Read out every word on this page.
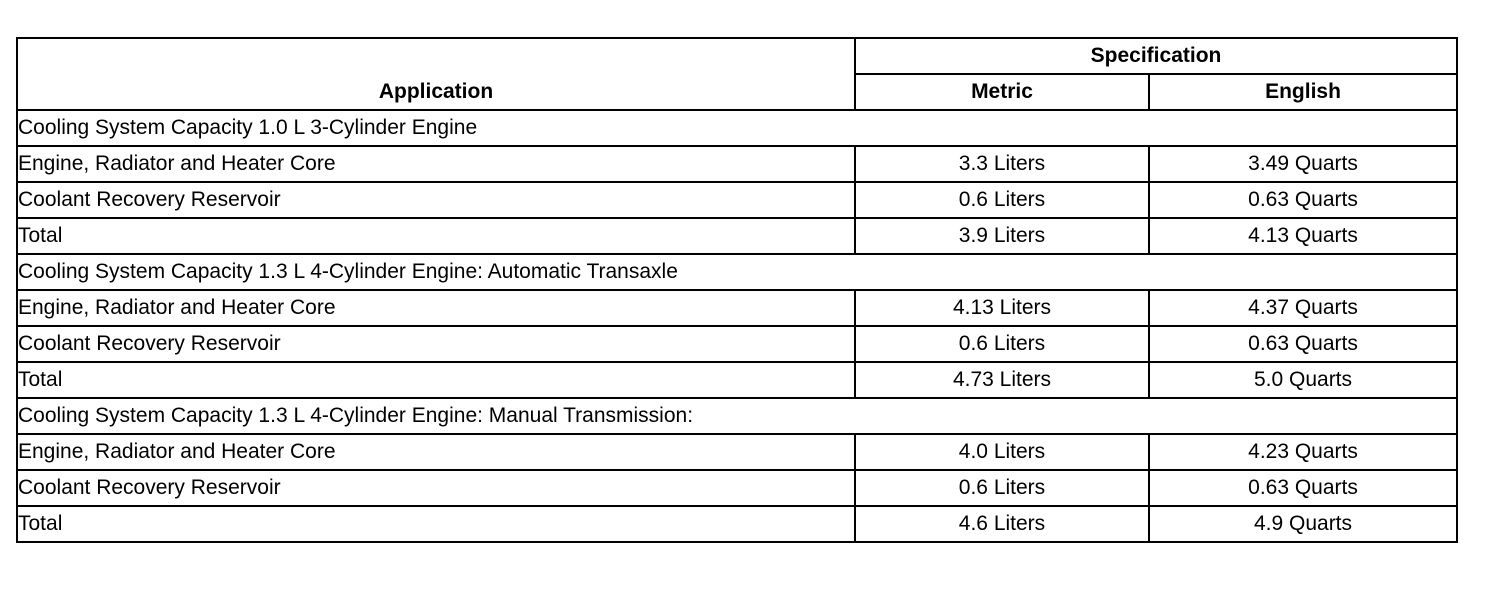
Application	Specification	
	Metric	English
Cooling System Capacity 1.0 L 3-Cylinder Engine		
Engine, Radiator and Heater Core	3.3 Liters	3.49 Quarts
Coolant Recovery Reservoir	0.6 Liters	0.63 Quarts
Total	3.9 Liters	4.13 Quarts
Cooling System Capacity 1.3 L 4-Cylinder Engine: Automatic Transaxle		
Engine, Radiator and Heater Core	4.13 Liters	4.37 Quarts
Coolant Recovery Reservoir	0.6 Liters	0.63 Quarts
Total	4.73 Liters	5.0 Quarts
Cooling System Capacity 1.3 L 4-Cylinder Engine: Manual Transmission:		
Engine, Radiator and Heater Core	4.0 Liters	4.23 Quarts
Coolant Recovery Reservoir	0.6 Liters	0.63 Quarts
Total	4.6 Liters	4.9 Quarts
